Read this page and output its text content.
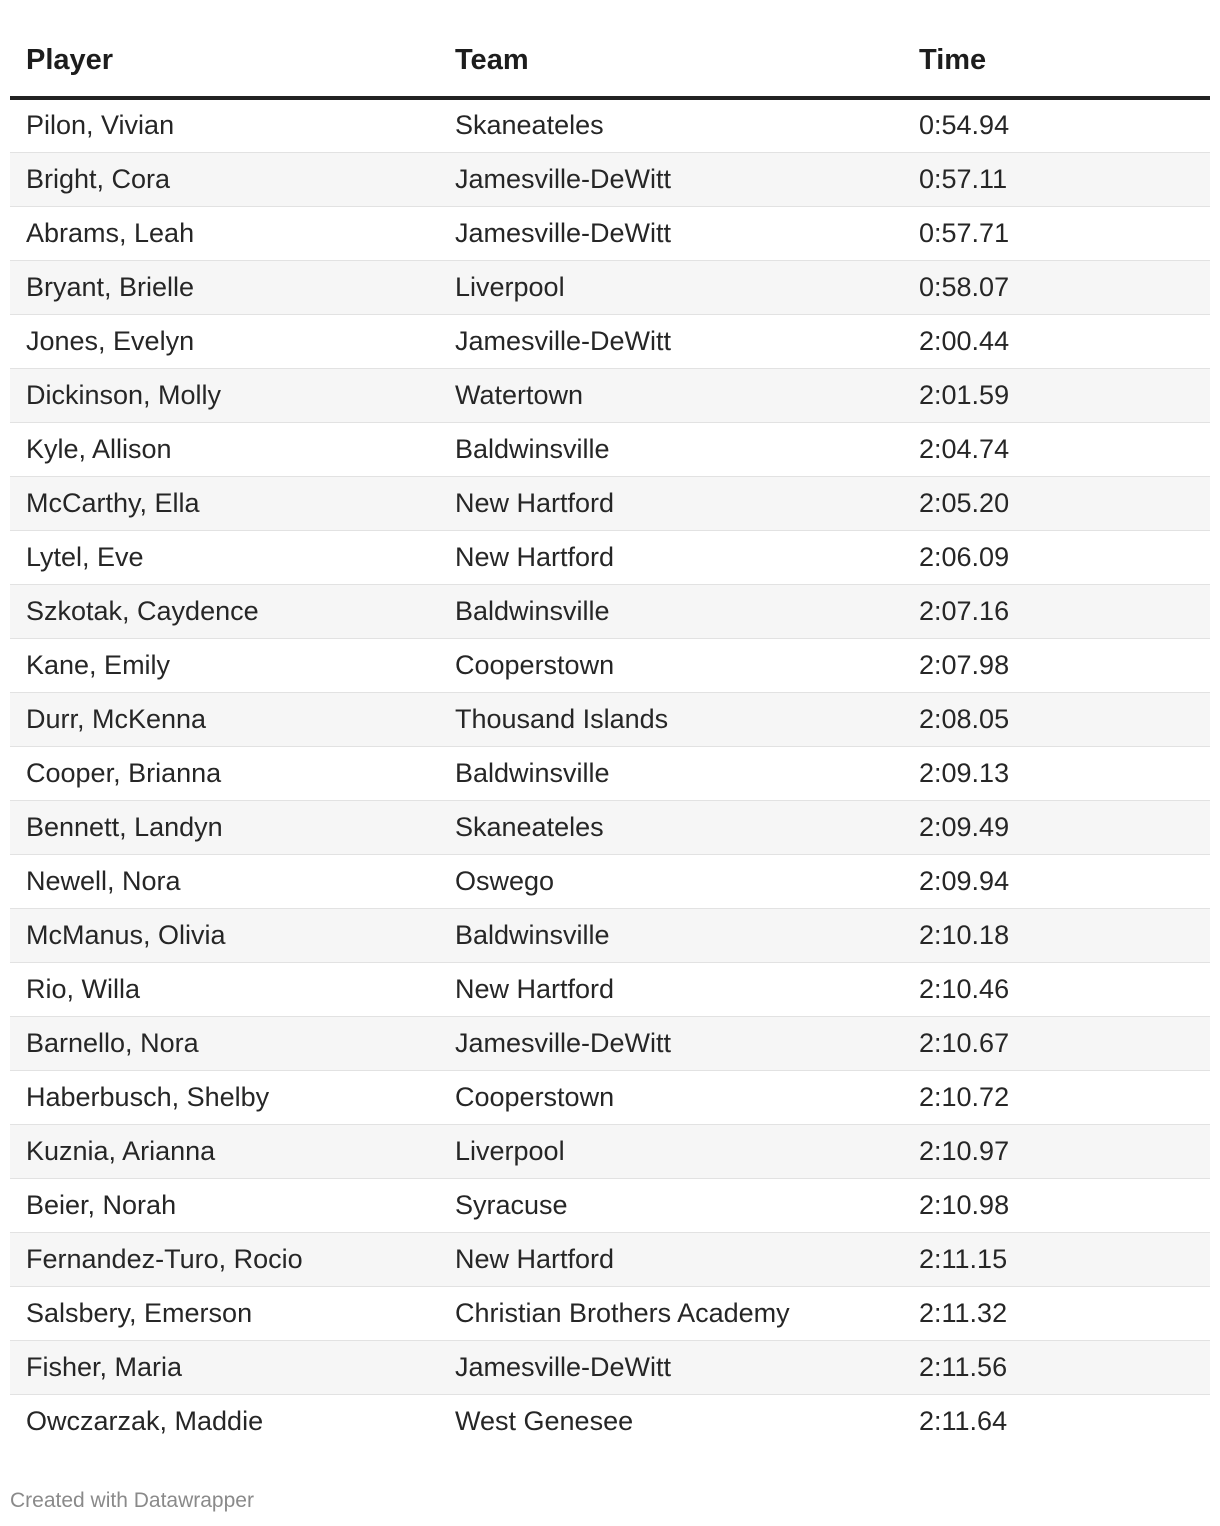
Player	Team	Time
Pilon, Vivian	Skaneateles	0:54.94
Bright, Cora	Jamesville-DeWitt	0:57.11
Abrams, Leah	Jamesville-DeWitt	0:57.71
Bryant, Brielle	Liverpool	0:58.07
Jones, Evelyn	Jamesville-DeWitt	2:00.44
Dickinson, Molly	Watertown	2:01.59
Kyle, Allison	Baldwinsville	2:04.74
McCarthy, Ella	New Hartford	2:05.20
Lytel, Eve	New Hartford	2:06.09
Szkotak, Caydence	Baldwinsville	2:07.16
Kane, Emily	Cooperstown	2:07.98
Durr, McKenna	Thousand Islands	2:08.05
Cooper, Brianna	Baldwinsville	2:09.13
Bennett, Landyn	Skaneateles	2:09.49
Newell, Nora	Oswego	2:09.94
McManus, Olivia	Baldwinsville	2:10.18
Rio, Willa	New Hartford	2:10.46
Barnello, Nora	Jamesville-DeWitt	2:10.67
Haberbusch, Shelby	Cooperstown	2:10.72
Kuznia, Arianna	Liverpool	2:10.97
Beier, Norah	Syracuse	2:10.98
Fernandez-Turo, Rocio	New Hartford	2:11.15
Salsbery, Emerson	Christian Brothers Academy	2:11.32
Fisher, Maria	Jamesville-DeWitt	2:11.56
Owczarzak, Maddie	West Genesee	2:11.64
Created with Datawrapper
